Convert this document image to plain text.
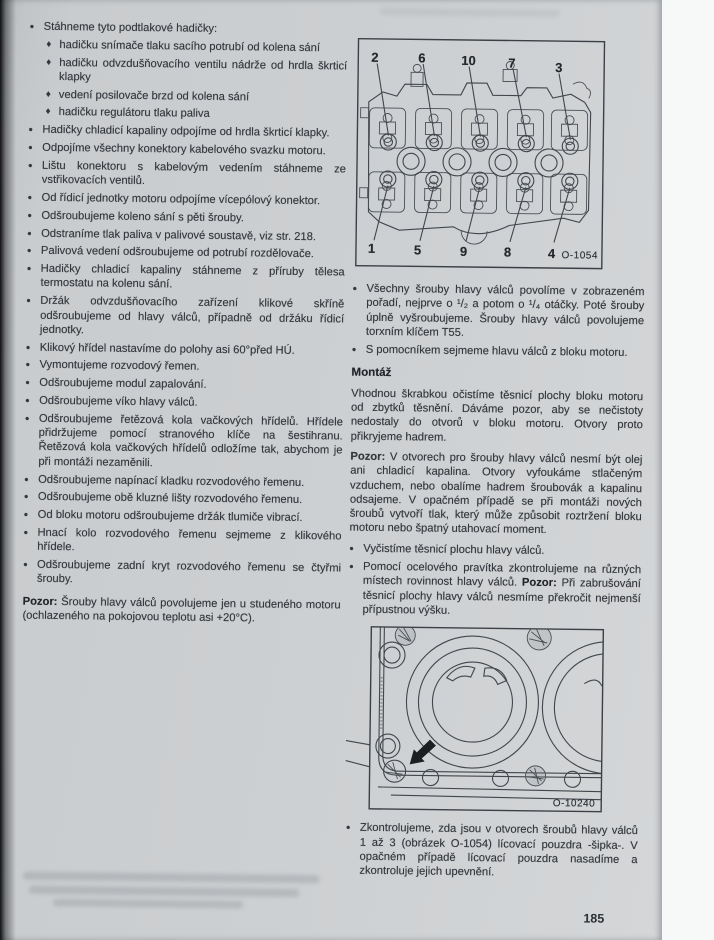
● Stáhneme tyto podtlakové hadičky:
♦ hadičku snímače tlaku sacího potrubí od kolena sání
♦ hadičku odvzdušňovacího ventilu nádrže od hrdla škrticí klapky
♦ vedení posilovače brzd od kolena sání
♦ hadičku regulátoru tlaku paliva
● Hadičky chladicí kapaliny odpojíme od hrdla škrticí klapky.
● Odpojíme všechny konektory kabelového svazku motoru.
● Lištu konektoru s kabelovým vedením stáhneme ze vstřikovacích ventilů.
● Od řídicí jednotky motoru odpojíme vícepólový konektor.
● Odšroubujeme koleno sání s pěti šrouby.
● Odstraníme tlak paliva v palivové soustavě, viz str. 218.
● Palivová vedení odšroubujeme od potrubí rozdělovače.
● Hadičky chladicí kapaliny stáhneme z příruby tělesa termostatu na kolenu sání.
● Držák odvzdušňovacího zařízení klikové skříně odšroubujeme od hlavy válců, případně od držáku řídicí jednotky.
● Klikový hřídel nastavíme do polohy asi 60°před HÚ.
● Vymontujeme rozvodový řemen.
● Odšroubujeme modul zapalování.
● Odšroubujeme víko hlavy válců.
● Odšroubujeme řetězová kola vačkových hřídelů. Hřídele přidržujeme pomocí stranového klíče na šestihranu. Řetězová kola vačkových hřídelů odložíme tak, abychom je při montáži nezaměnili.
● Odšroubujeme napínací kladku rozvodového řemenu.
● Odšroubujeme obě kluzné lišty rozvodového řemenu.
● Od bloku motoru odšroubujeme držák tlumiče vibrací.
● Hnací kolo rozvodového řemenu sejmeme z klikového hřídele.
● Odšroubujeme zadní kryt rozvodového řemenu se čtyřmi šrouby.

Pozor: Šrouby hlavy válců povolujeme jen u studeného motoru (ochlazeného na pokojovou teplotu asi +20°C).

2	6	10 7	3
1	5	9	8	4 O-1054
● Všechny šrouby hlavy válců povolíme v zobrazeném pořadí, nejprve o ¹/₂ a potom o ¹/₄ otáčky. Poté šrouby úplně vyšroubujeme. Šrouby hlavy válců povolujeme torxním klíčem T55.
● S pomocníkem sejmeme hlavu válců z bloku motoru.
Montáž

Vhodnou škrabkou očistíme těsnicí plochy bloku motoru od zbytků těsnění. Dáváme pozor, aby se nečistoty nedostaly do otvorů v bloku motoru. Otvory proto přikryjeme hadrem.

Pozor: V otvorech pro šrouby hlavy válců nesmí být olej ani chladicí kapalina. Otvory vyfoukáme stlačeným vzduchem, nebo obalíme hadrem šroubovák a kapalinu odsajeme. V opačném případě se při montáži nových šroubů vytvoří tlak, který může způsobit roztržení bloku motoru nebo špatný utahovací moment.

● Vyčistíme těsnicí plochu hlavy válců.
● Pomocí ocelového pravítka zkontrolujeme na různých místech rovinnost hlavy válců. Pozor: Při zabrušování těsnicí plochy hlavy válců nesmíme překročit nejmenší přípustnou výšku.
O-10240
● Zkontrolujeme, zda jsou v otvorech šroubů hlavy válců 1 až 3 (obrázek O-1054) lícovací pouzdra -šipka-. V opačném případě lícovací pouzdra nasadíme a zkontroluje jejich upevnění.
185
